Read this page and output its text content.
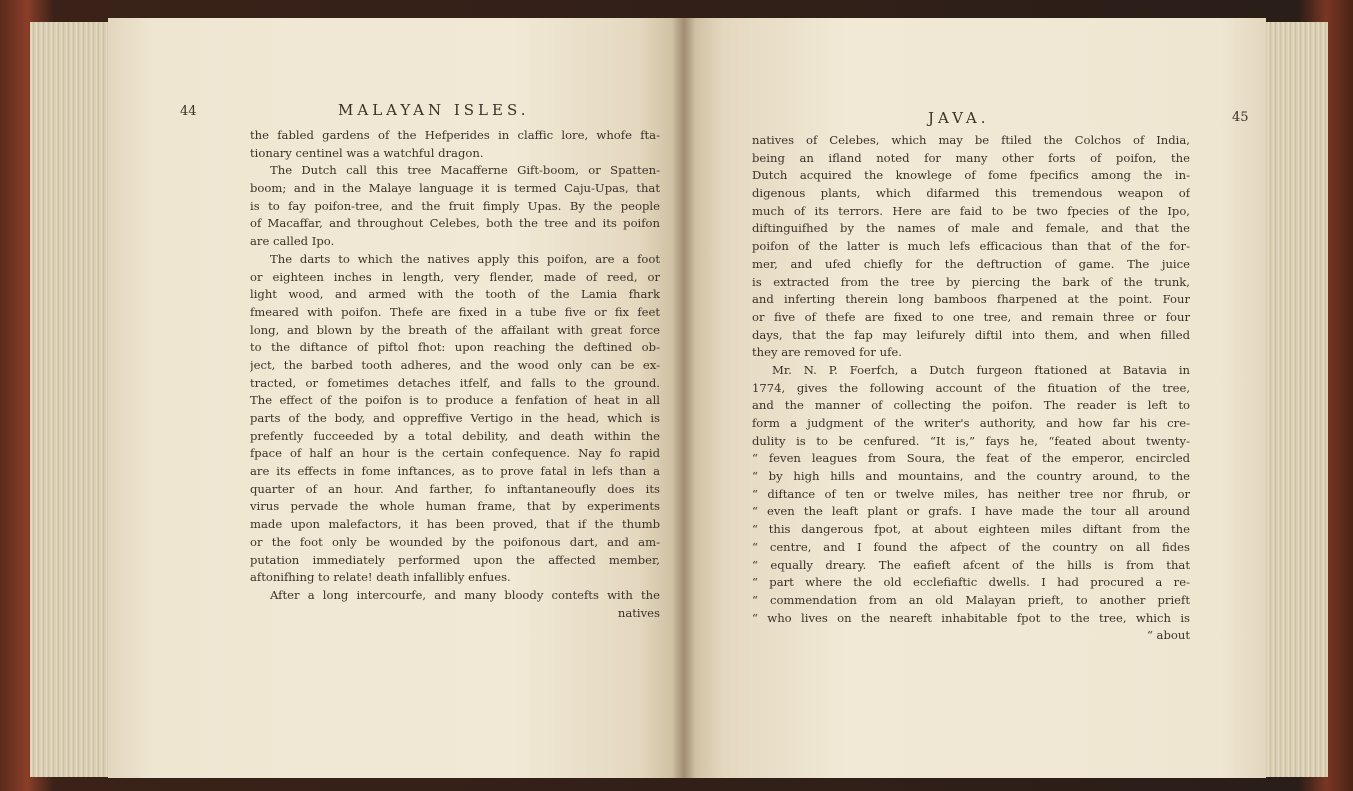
44	MALAYAN ISLES.
the fabled gardens of the Hefperides in claffic lore, whofe fta-
tionary centinel was a watchful dragon.
The Dutch call this tree Macafferne Gift-boom, or Spatten-
boom; and in the Malaye language it is termed Caju-Upas, that
is to fay poifon-tree, and the fruit fimply Upas. By the people
of Macaffar, and throughout Celebes, both the tree and its poifon
are called Ipo.
The darts to which the natives apply this poifon, are a foot
or eighteen inches in length, very flender, made of reed, or
light wood, and armed with the tooth of the Lamia fhark
fmeared with poifon. Thefe are fixed in a tube five or fix feet
long, and blown by the breath of the affailant with great force
to the diftance of piftol fhot: upon reaching the deftined ob-
ject, the barbed tooth adheres, and the wood only can be ex-
tracted, or fometimes detaches itfelf, and falls to the ground.
The effect of the poifon is to produce a fenfation of heat in all
parts of the body, and oppreffive Vertigo in the head, which is
prefently fucceeded by a total debility, and death within the
fpace of half an hour is the certain confequence. Nay fo rapid
are its effects in fome inftances, as to prove fatal in lefs than a
quarter of an hour. And farther, fo inftantaneoufly does its
virus pervade the whole human frame, that by experiments
made upon malefactors, it has been proved, that if the thumb
or the foot only be wounded by the poifonous dart, and am-
putation immediately performed upon the affected member,
aftonifhing to relate! death infallibly enfues.
After a long intercourfe, and many bloody contefts with the
natives
JAVA.	45
natives of Celebes, which may be ftiled the Colchos of India,
being an ifland noted for many other forts of poifon, the
Dutch acquired the knowlege of fome fpecifics among the in-
digenous plants, which difarmed this tremendous weapon of
much of its terrors. Here are faid to be two fpecies of the Ipo,
diftinguifhed by the names of male and female, and that the
poifon of the latter is much lefs efficacious than that of the for-
mer, and ufed chiefly for the deftruction of game. The juice
is extracted from the tree by piercing the bark of the trunk,
and inferting therein long bamboos fharpened at the point. Four
or five of thefe are fixed to one tree, and remain three or four
days, that the fap may leifurely diftil into them, and when filled
they are removed for ufe.
Mr. N. P. Foerfch, a Dutch furgeon ftationed at Batavia in
1774, gives the following account of the fituation of the tree,
and the manner of collecting the poifon. The reader is left to
form a judgment of the writer's authority, and how far his cre-
dulity is to be cenfured. “It is,” fays he, “feated about twenty-
“ feven leagues from Soura, the feat of the emperor, encircled
“ by high hills and mountains, and the country around, to the
“ diftance of ten or twelve miles, has neither tree nor fhrub, or
“ even the leaft plant or grafs. I have made the tour all around
“ this dangerous fpot, at about eighteen miles diftant from the
“ centre, and I found the afpect of the country on all fides
“ equally dreary. The eafieft afcent of the hills is from that
“ part where the old ecclefiaftic dwells. I had procured a re-
“ commendation from an old Malayan prieft, to another prieft
“ who lives on the neareft inhabitable fpot to the tree, which is
“ about
